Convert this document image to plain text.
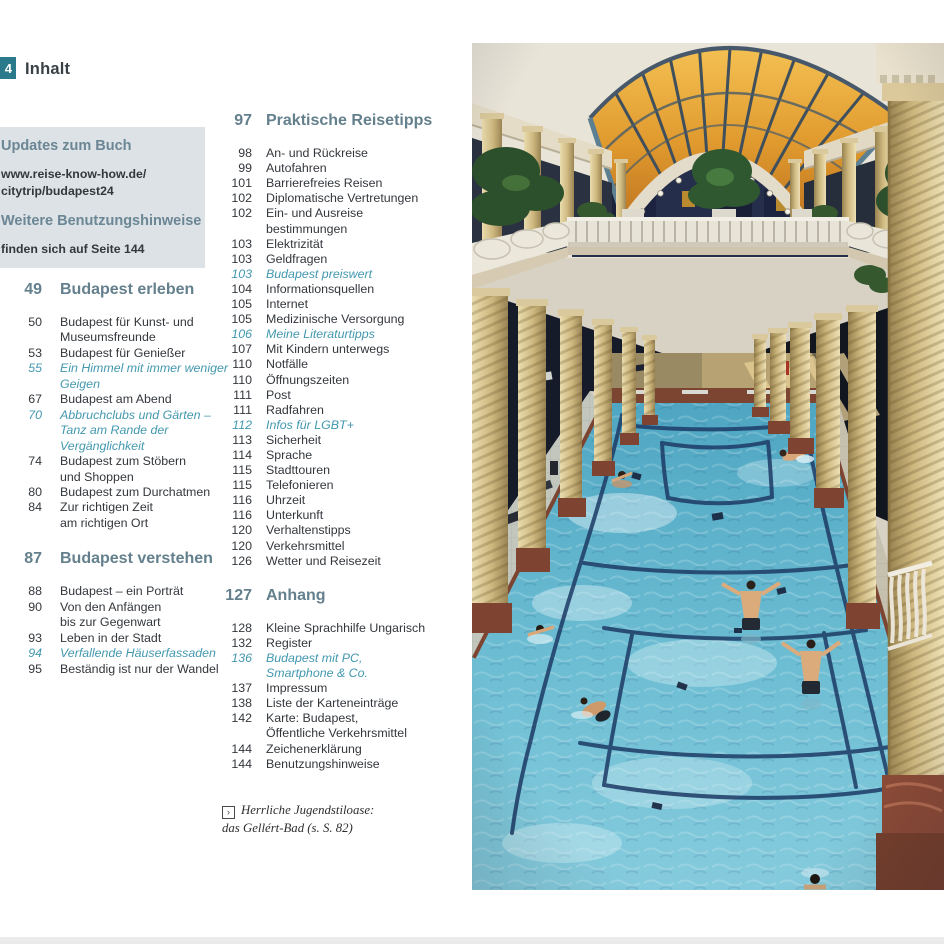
4 Inhalt
Updates zum Buch
www.reise-know-how.de/
citytrip/budapest24
Weitere Benutzungshinweise
finden sich auf Seite 144
49 Budapest erleben
50 Budapest für Kunst- und
Museumsfreunde
53 Budapest für Genießer
55 Ein Himmel mit immer weniger
Geigen
67 Budapest am Abend
70 Abbruchclubs und Gärten –
Tanz am Rande der
Vergänglichkeit
74 Budapest zum Stöbern
und Shoppen
80 Budapest zum Durchatmen
84 Zur richtigen Zeit
am richtigen Ort
87 Budapest verstehen
88 Budapest – ein Porträt
90 Von den Anfängen
bis zur Gegenwart
93 Leben in der Stadt
94 Verfallende Häuserfassaden
95 Beständig ist nur der Wandel
97 Praktische Reisetipps
98 An- und Rückreise
99 Autofahren
101 Barrierefreies Reisen
102 Diplomatische Vertretungen
102 Ein- und Ausreise
bestimmungen
103 Elektrizität
103 Geldfragen
103 Budapest preiswert
104 Informationsquellen
105 Internet
105 Medizinische Versorgung
106 Meine Literaturtipps
107 Mit Kindern unterwegs
110 Notfälle
110 Öffnungszeiten
111 Post
111 Radfahren
112 Infos für LGBT+
113 Sicherheit
114 Sprache
115 Stadttouren
115 Telefonieren
116 Uhrzeit
116 Unterkunft
120 Verhaltenstipps
120 Verkehrsmittel
126 Wetter und Reisezeit
127 Anhang
128 Kleine Sprachhilfe Ungarisch
132 Register
136 Budapest mit PC,
Smartphone & Co.
137 Impressum
138 Liste der Karteneinträge
142 Karte: Budapest,
Öffentliche Verkehrsmittel
144 Zeichenerklärung
144 Benutzungshinweise
› Herrliche Jugendstiloase:
das Gellért-Bad (s. S. 82)
